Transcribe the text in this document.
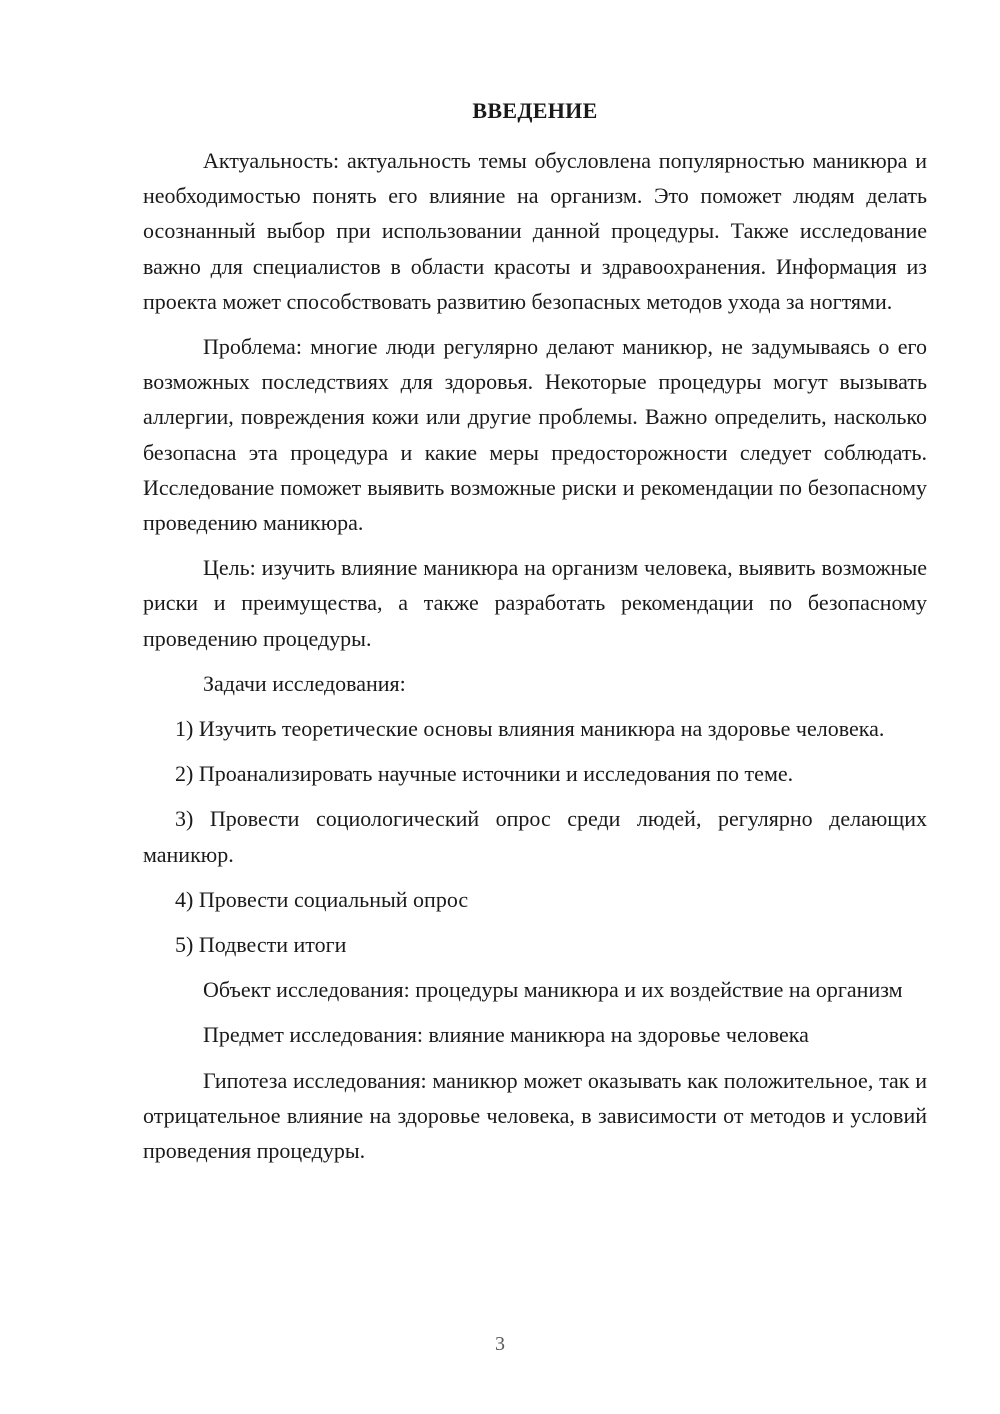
ВВЕДЕНИЕ

Актуальность: актуальность темы обусловлена популярностью маникюра и необходимостью понять его влияние на организм. Это поможет людям делать осознанный выбор при использовании данной процедуры. Также исследование важно для специалистов в области красоты и здравоохранения. Информация из проекта может способствовать развитию безопасных методов ухода за ногтями.

Проблема: многие люди регулярно делают маникюр, не задумываясь о его возможных последствиях для здоровья. Некоторые процедуры могут вызывать аллергии, повреждения кожи или другие проблемы. Важно определить, насколько безопасна эта процедура и какие меры предосторожности следует соблюдать. Исследование поможет выявить возможные риски и рекомендации по безопасному проведению маникюра.

Цель: изучить влияние маникюра на организм человека, выявить возможные риски и преимущества, а также разработать рекомендации по безопасному проведению процедуры.

Задачи исследования:

1) Изучить теоретические основы влияния маникюра на здоровье человека.

2) Проанализировать научные источники и исследования по теме.

3) Провести социологический опрос среди людей, регулярно делающих маникюр.

4) Провести социальный опрос

5) Подвести итоги

Объект исследования: процедуры маникюра и их воздействие на организм

Предмет исследования: влияние маникюра на здоровье человека

Гипотеза исследования: маникюр может оказывать как положительное, так и отрицательное влияние на здоровье человека, в зависимости от методов и условий проведения процедуры.

3
